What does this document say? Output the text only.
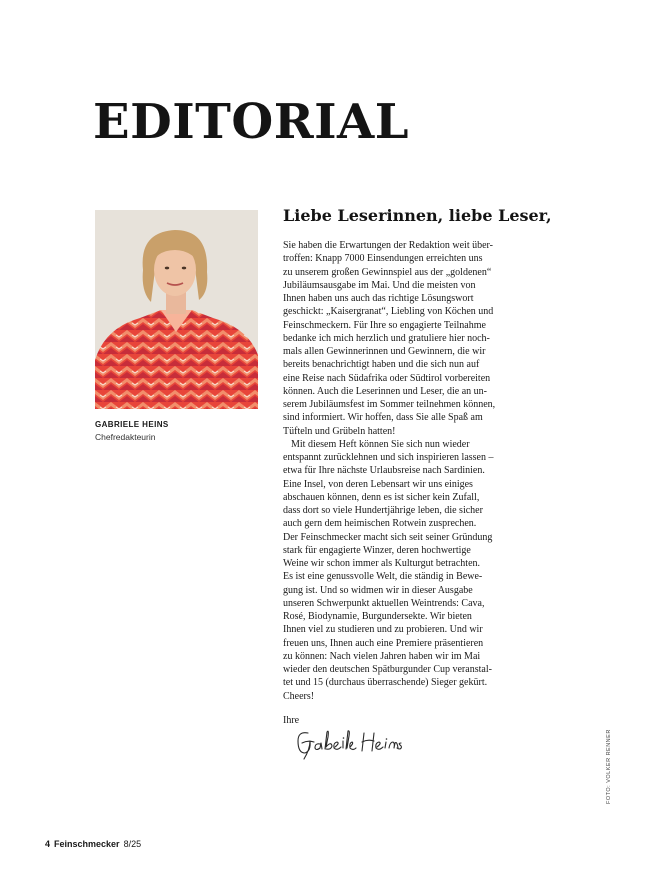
EDITORIAL
GABRIELE HEINS
Chefredakteurin
Liebe Leserinnen, liebe Leser,
Sie haben die Erwartungen der Redaktion weit über-
troffen: Knapp 7000 Einsendungen erreichten uns
zu unserem großen Gewinnspiel aus der „goldenen“
Jubiläumsausgabe im Mai. Und die meisten von
Ihnen haben uns auch das richtige Lösungswort
geschickt: „Kaisergranat“, Liebling von Köchen und
Feinschmeckern. Für Ihre so engagierte Teilnahme
bedanke ich mich herzlich und gratuliere hier noch-
mals allen Gewinnerinnen und Gewinnern, die wir
bereits benachrichtigt haben und die sich nun auf
eine Reise nach Südafrika oder Südtirol vorbereiten
können. Auch die Leserinnen und Leser, die an un-
serem Jubiläumsfest im Sommer teilnehmen können,
sind informiert. Wir hoffen, dass Sie alle Spaß am
Tüfteln und Grübeln hatten!
Mit diesem Heft können Sie sich nun wieder
entspannt zurücklehnen und sich inspirieren lassen –
etwa für Ihre nächste Urlaubsreise nach Sardinien.
Eine Insel, von deren Lebensart wir uns einiges
abschauen können, denn es ist sicher kein Zufall,
dass dort so viele Hundertjährige leben, die sicher
auch gern dem heimischen Rotwein zusprechen.
Der Feinschmecker macht sich seit seiner Gründung
stark für engagierte Winzer, deren hochwertige
Weine wir schon immer als Kulturgut betrachten.
Es ist eine genussvolle Welt, die ständig in Bewe-
gung ist. Und so widmen wir in dieser Ausgabe
unseren Schwerpunkt aktuellen Weintrends: Cava,
Rosé, Biodynamie, Burgundersekte. Wir bieten
Ihnen viel zu studieren und zu probieren. Und wir
freuen uns, Ihnen auch eine Premiere präsentieren
zu können: Nach vielen Jahren haben wir im Mai
wieder den deutschen Spätburgunder Cup veranstal-
tet und 15 (durchaus überraschende) Sieger gekürt.
Cheers!
Ihre
FOTO: VOLKER RENNER
4 Feinschmecker 8/25
